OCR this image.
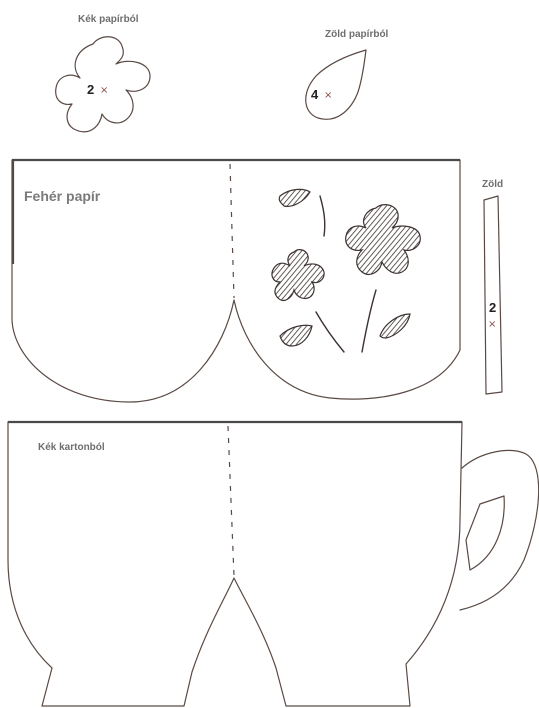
Kék papírból
2 ×
Zöld papírból
4 ×
Fehér papír
Zöld
2
×
Kék kartonból
